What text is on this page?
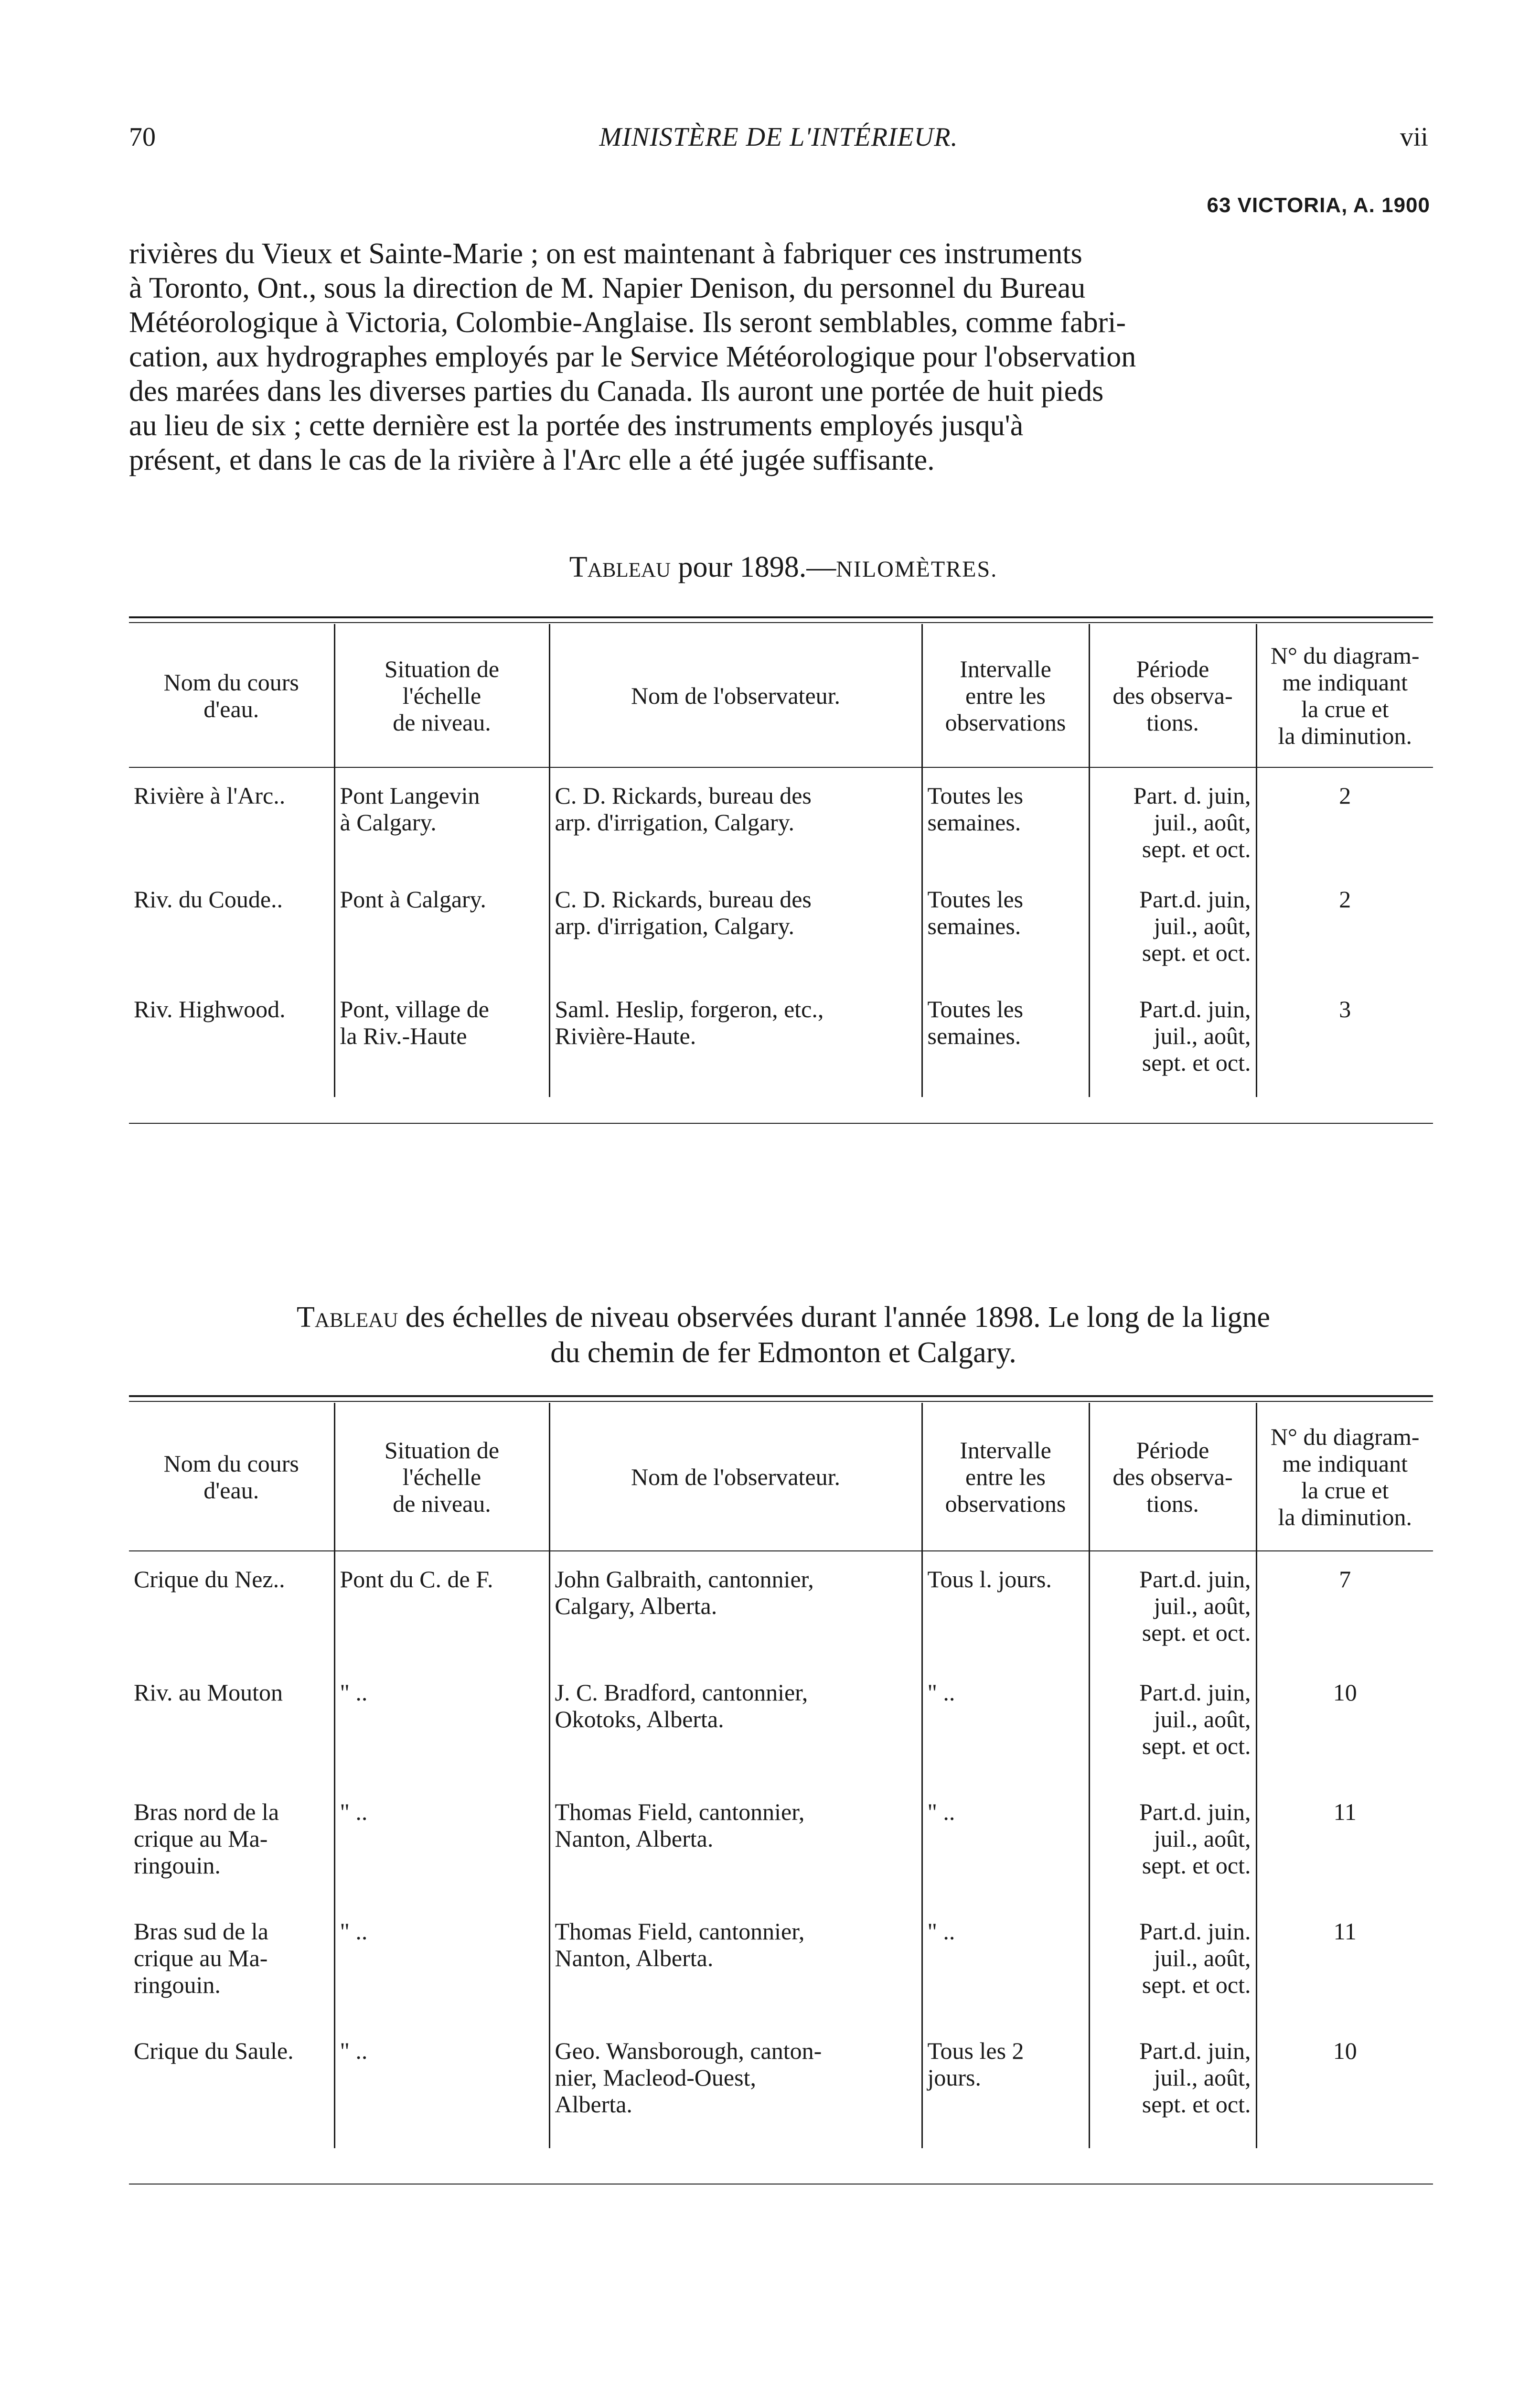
70	MINISTÈRE DE L'INTÉRIEUR.	vii
63 VICTORIA, A. 1900
rivières du Vieux et Sainte-Marie ; on est maintenant à fabriquer ces instruments
à Toronto, Ont., sous la direction de M. Napier Denison, du personnel du Bureau
Météorologique à Victoria, Colombie-Anglaise. Ils seront semblables, comme fabri-
cation, aux hydrographes employés par le Service Météorologique pour l'observation
des marées dans les diverses parties du Canada. Ils auront une portée de huit pieds
au lieu de six ; cette dernière est la portée des instruments employés jusqu'à
présent, et dans le cas de la rivière à l'Arc elle a été jugée suffisante.
Tableau pour 1898.—NILOMÈTRES.
Nom du cours
d'eau.	Situation de
l'échelle
de niveau.	Nom de l'observateur.	Intervalle
entre les
observations	Période
des observa-
tions.	N° du diagram-
me indiquant
la crue et
la diminution.
Rivière à l'Arc..	Pont Langevin
à Calgary.	C. D. Rickards, bureau des
arp. d'irrigation, Calgary.	Toutes les
semaines.	Part. d. juin,
juil., août,
sept. et oct.	2
Riv. du Coude..	Pont à Calgary.	C. D. Rickards, bureau des
arp. d'irrigation, Calgary.	Toutes les
semaines.	Part.d. juin,
juil., août,
sept. et oct.	2
Riv. Highwood.	Pont, village de
la Riv.-Haute	Saml. Heslip, forgeron, etc.,
Rivière-Haute.	Toutes les
semaines.	Part.d. juin,
juil., août,
sept. et oct.	3
Tableau des échelles de niveau observées durant l'année 1898. Le long de la ligne
du chemin de fer Edmonton et Calgary.
Nom du cours
d'eau.	Situation de
l'échelle
de niveau.	Nom de l'observateur.	Intervalle
entre les
observations	Période
des observa-
tions.	N° du diagram-
me indiquant
la crue et
la diminution.
Crique du Nez..	Pont du C. de F.	John Galbraith, cantonnier,
Calgary, Alberta.	Tous l. jours.	Part.d. juin,
juil., août,
sept. et oct.	7
Riv. au Mouton	" ..	J. C. Bradford, cantonnier,
Okotoks, Alberta.	" ..	Part.d. juin,
juil., août,
sept. et oct.	10
Bras nord de la
crique au Ma-
ringouin.	" ..	Thomas Field, cantonnier,
Nanton, Alberta.	" ..	Part.d. juin,
juil., août,
sept. et oct.	11
Bras sud de la
crique au Ma-
ringouin.	" ..	Thomas Field, cantonnier,
Nanton, Alberta.	" ..	Part.d. juin.
juil., août,
sept. et oct.	11
Crique du Saule.	" ..	Geo. Wansborough, canton-
nier, Macleod-Ouest,
Alberta.	Tous les 2
jours.	Part.d. juin,
juil., août,
sept. et oct.	10
